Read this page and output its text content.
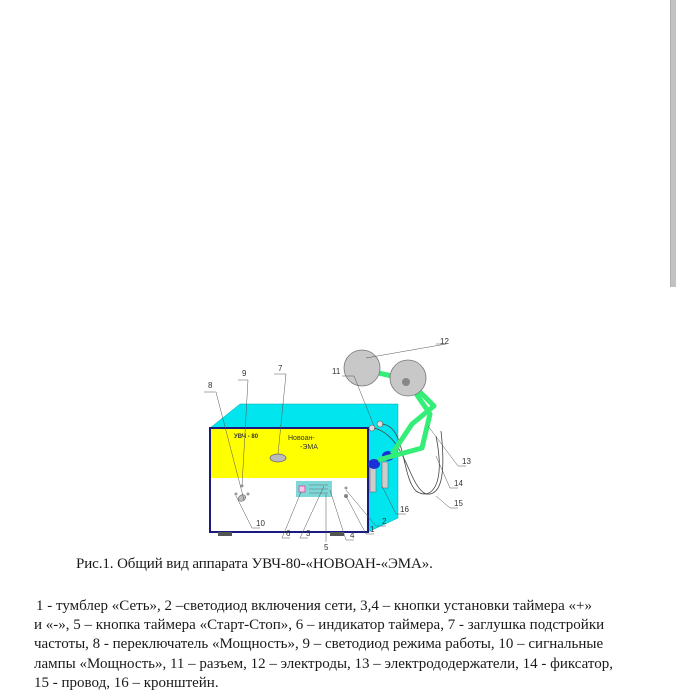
УВЧ - 80	Новоан-
-ЭМА
8
9
7	11
12
13
14
15
16
2
1
4
5
3
6
10
Рис.1. Общий вид аппарата УВЧ-80-«НОВОАН-«ЭМА».
1 - тумблер «Сеть», 2 –светодиод включения сети, 3,4 – кнопки установки таймера «+»
и «-», 5 – кнопка таймера «Старт-Стоп», 6 – индикатор таймера, 7 - заглушка подстройки
частоты, 8 - переключатель «Мощность», 9 – светодиод режима работы, 10 – сигнальные
лампы «Мощность», 11 – разъем, 12 – электроды, 13 – электрододержатели, 14 - фиксатор,
15 - провод, 16 – кронштейн.
